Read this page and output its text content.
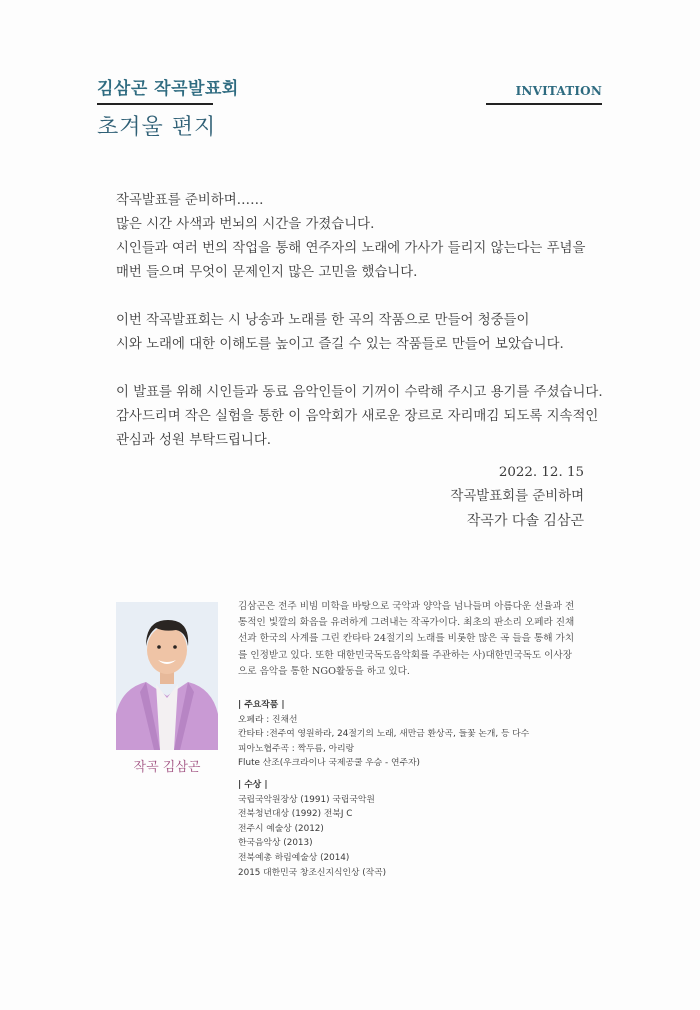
김삼곤 작곡발표회
초겨울 편지
INVITATION

작곡발표를 준비하며……
많은 시간 사색과 번뇌의 시간을 가졌습니다.
시인들과 여러 번의 작업을 통해 연주자의 노래에 가사가 들리지 않는다는 푸념을
매번 들으며 무엇이 문제인지 많은 고민을 했습니다.

이번 작곡발표회는 시 낭송과 노래를 한 곡의 작품으로 만들어 청중들이
시와 노래에 대한 이해도를 높이고 즐길 수 있는 작품들로 만들어 보았습니다.

이 발표를 위해 시인들과 동료 음악인들이 기꺼이 수락해 주시고 용기를 주셨습니다.
감사드리며 작은 실험을 통한 이 음악회가 새로운 장르로 자리매김 되도록 지속적인
관심과 성원 부탁드립니다.

2022. 12. 15
작곡발표회를 준비하며
작곡가 다솔 김삼곤
작곡 김삼곤
김삼곤은 전주 비빔 미학을 바탕으로 국악과 양악을 넘나들며 아름다운 선율과 전
통적인 빛깔의 화음을 유려하게 그려내는 작곡가이다. 최초의 판소리 오페라 진채
선과 한국의 사계를 그린 칸타타 24절기의 노래를 비롯한 많은 곡 들을 통해 가치
를 인정받고 있다. 또한 대한민국독도음악회를 주관하는 사)대한민국독도 이사장
으로 음악을 통한 NGO활동을 하고 있다.
| 주요작품 |
오페라 : 진채선
칸타타 :전주여 영원하라, 24절기의 노래, 새만금 환상곡, 들꽃 논개, 등 다수
피아노협주곡 : 짝두름, 아리랑
Flute 산조(우크라이나 국제공쿨 우승 - 연주자)
| 수상 |
국립국악원장상 (1991) 국립국악원
전북청년대상 (1992) 전북J C
전주시 예술상 (2012)
한국음악상 (2013)
전북예총 하림예술상 (2014)
2015 대한민국 창조신지식인상 (작곡)
